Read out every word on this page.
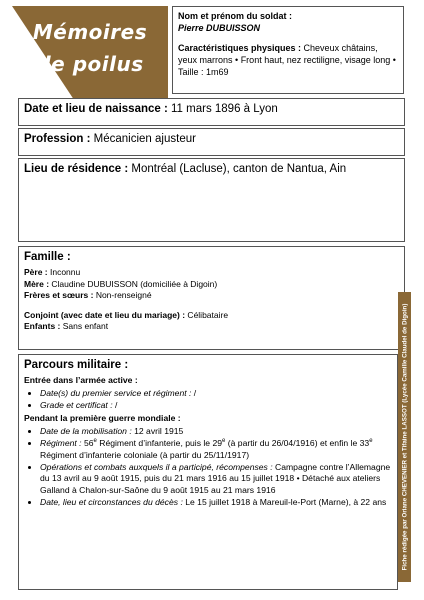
Mémoires
de poilus
Nom et prénom du soldat :
Pierre DUBUISSON
Caractéristiques physiques : Cheveux châtains, yeux marrons • Front haut, nez rectiligne, visage long • Taille : 1m69
Date et lieu de naissance : 11 mars 1896 à Lyon
Profession : Mécanicien ajusteur
Lieu de résidence : Montréal (Lacluse), canton de Nantua, Ain
Famille :
Père : Inconnu
Mère : Claudine DUBUISSON (domiciliée à Digoin)
Frères et sœurs : Non-renseigné
Conjoint (avec date et lieu du mariage) : Célibataire
Enfants : Sans enfant
Parcours militaire :
Entrée dans l’armée active :
• Date(s) du premier service et régiment : /
• Grade et certificat : /
Pendant la première guerre mondiale :
• Date de la mobilisation : 12 avril 1915
• Régiment : 56e Régiment d’infanterie, puis le 29e (à partir du 26/04/1916) et enfin le 33e Régiment d’infanterie coloniale (à partir du 25/11/1917)
• Opérations et combats auxquels il a participé, récompenses : Campagne contre l’Allemagne du 13 avril au 9 août 1915, puis du 21 mars 1916 au 15 juillet 1918 • Détaché aux ateliers Galland à Chalon-sur-Saône du 9 août 1915 au 21 mars 1916
• Date, lieu et circonstances du décès : Le 15 juillet 1918 à Mareuil-le-Port (Marne), à 22 ans	Fiche rédigée par Oriane CHEVENIER et Tifaine LASSOT (Lycée Camille Claudel de Digoin)
